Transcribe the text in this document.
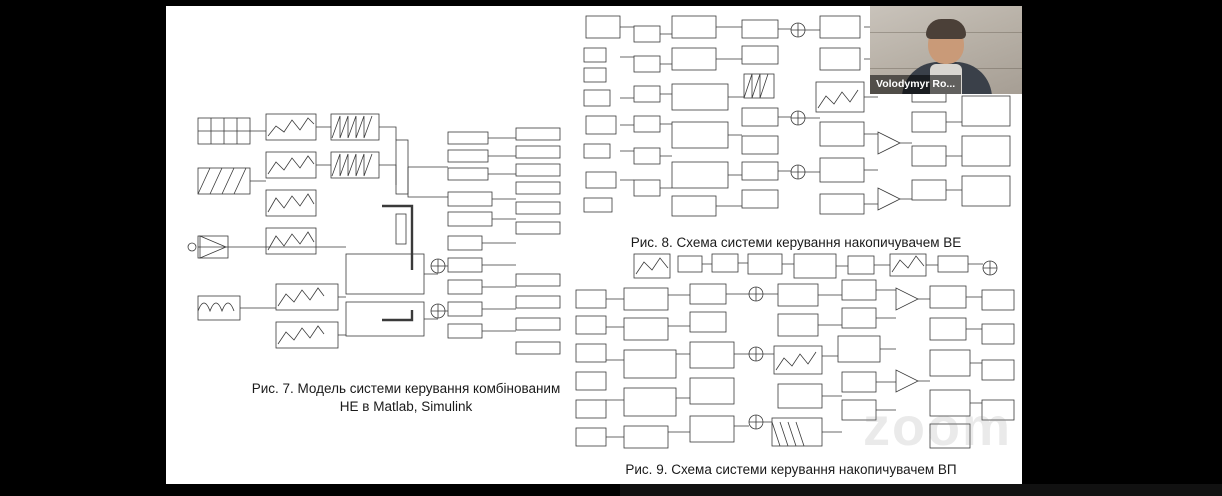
Рис. 7. Модель системи керування комбінованим
НЕ в Matlab, Simulink
Рис. 8. Схема системи керування накопичувачем ВЕ
Рис. 9. Схема системи керування накопичувачем ВП
zoom
Volodymyr Ro...
